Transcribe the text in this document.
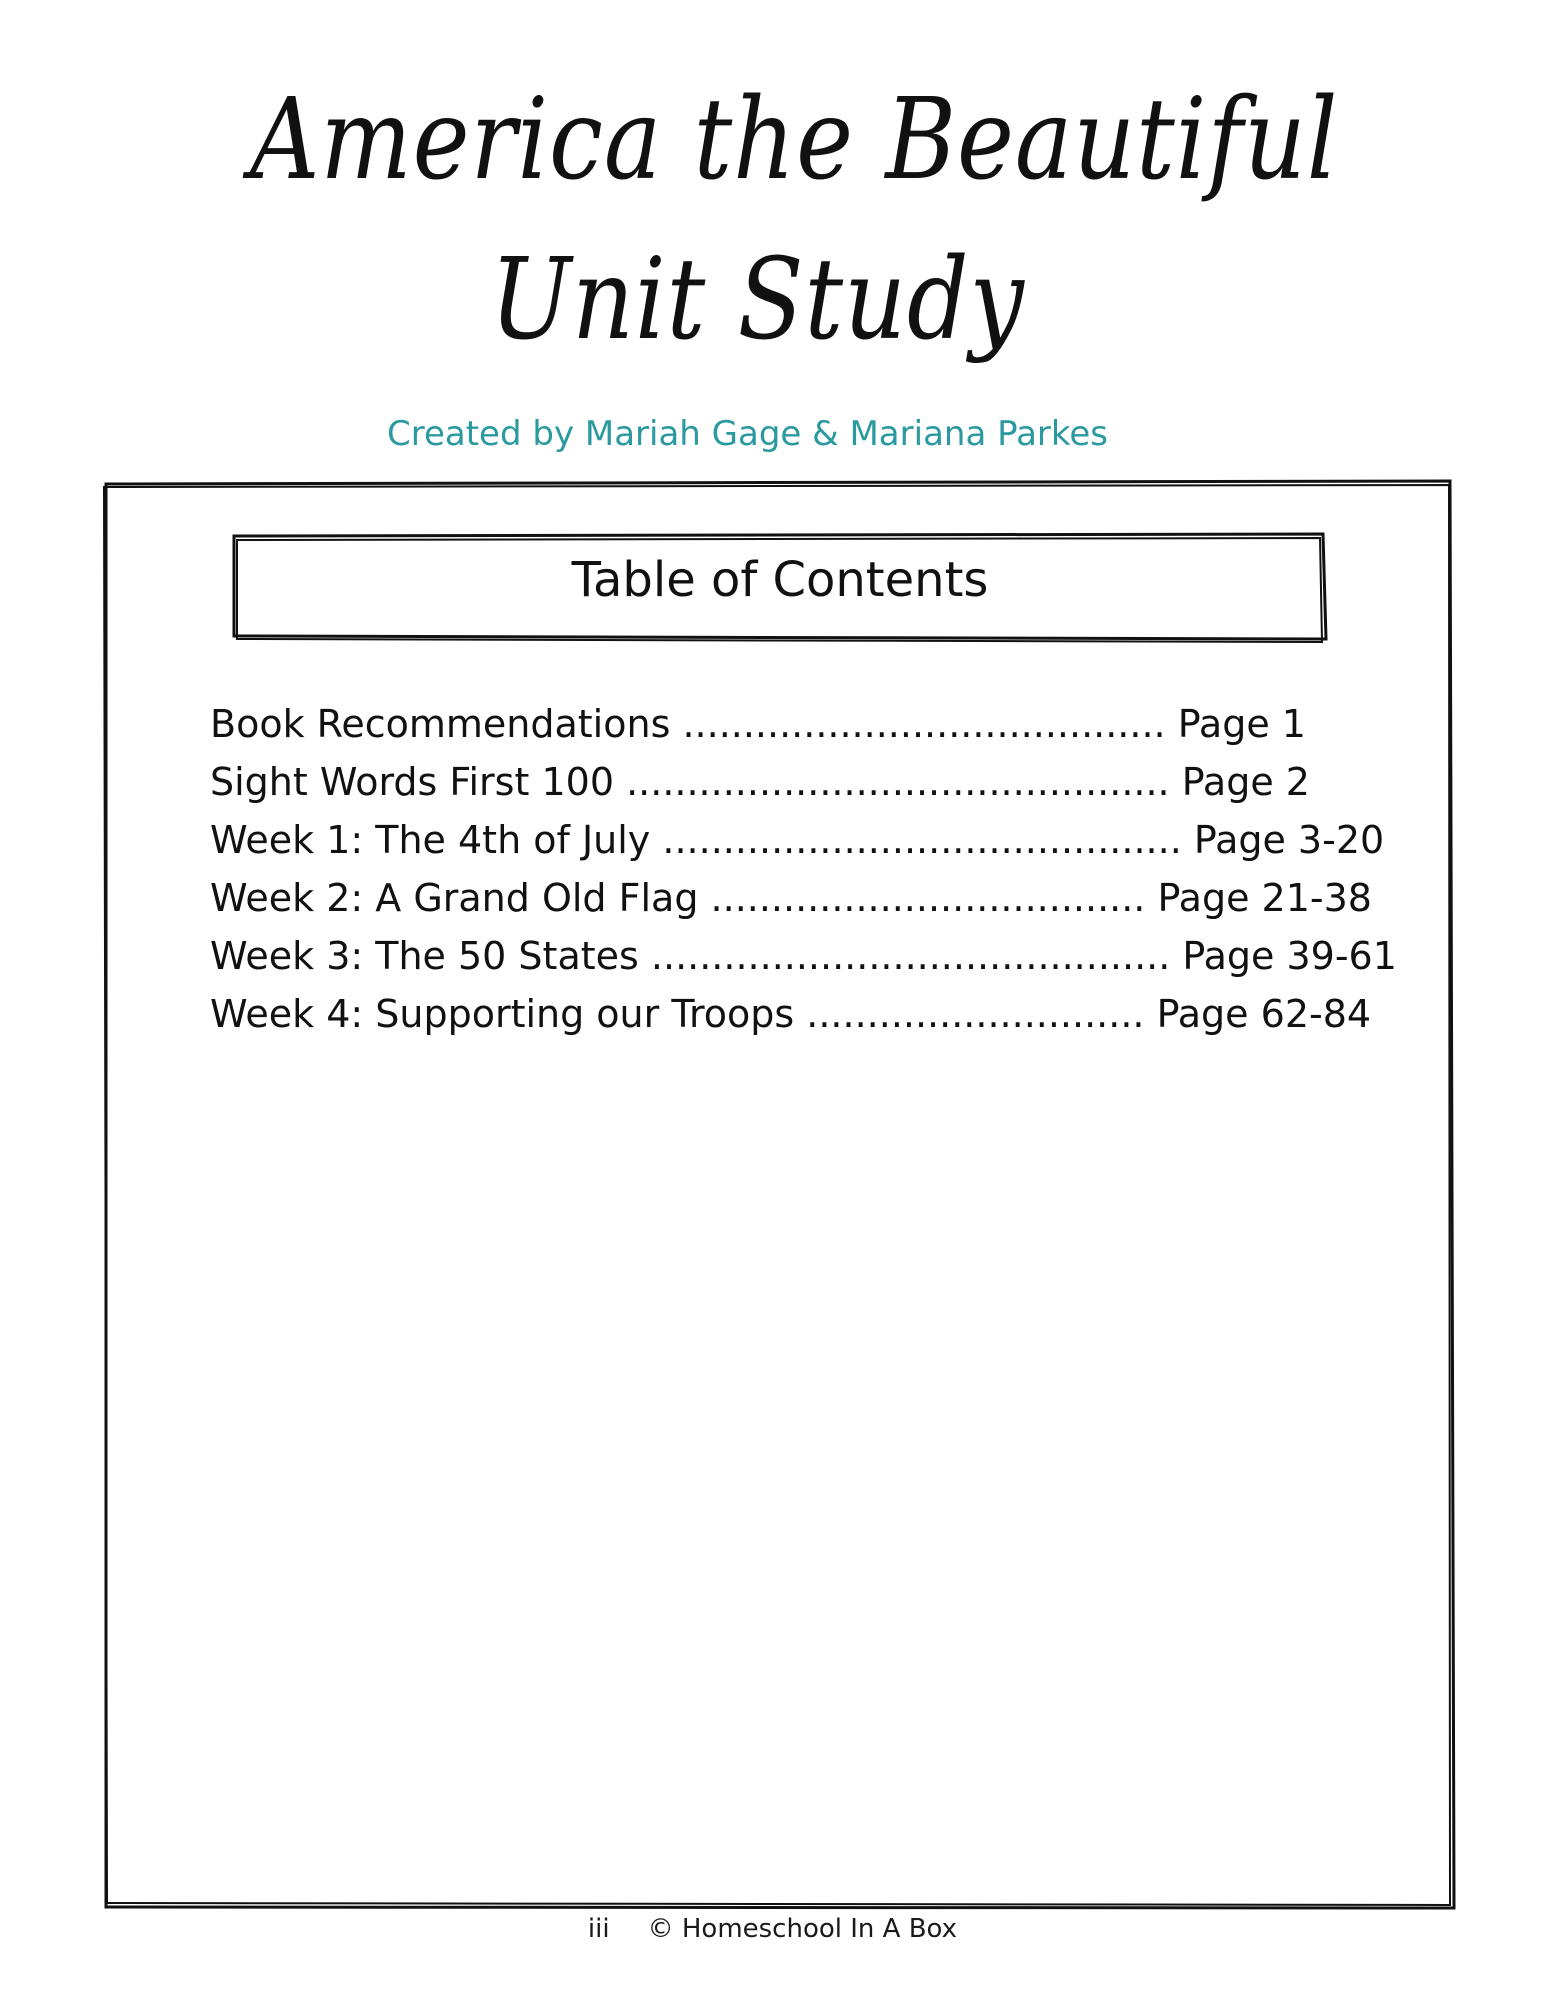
America the Beautiful
Unit Study
Created by Mariah Gage & Mariana Parkes
Table of Contents
Book Recommendations ........................................ Page 1
Sight Words First 100 ............................................. Page 2
Week 1: The 4th of July ........................................... Page 3-20
Week 2: A Grand Old Flag .................................... Page 21-38
Week 3: The 50 States ........................................... Page 39-61
Week 4: Supporting our Troops ............................ Page 62-84
iii © Homeschool In A Box
